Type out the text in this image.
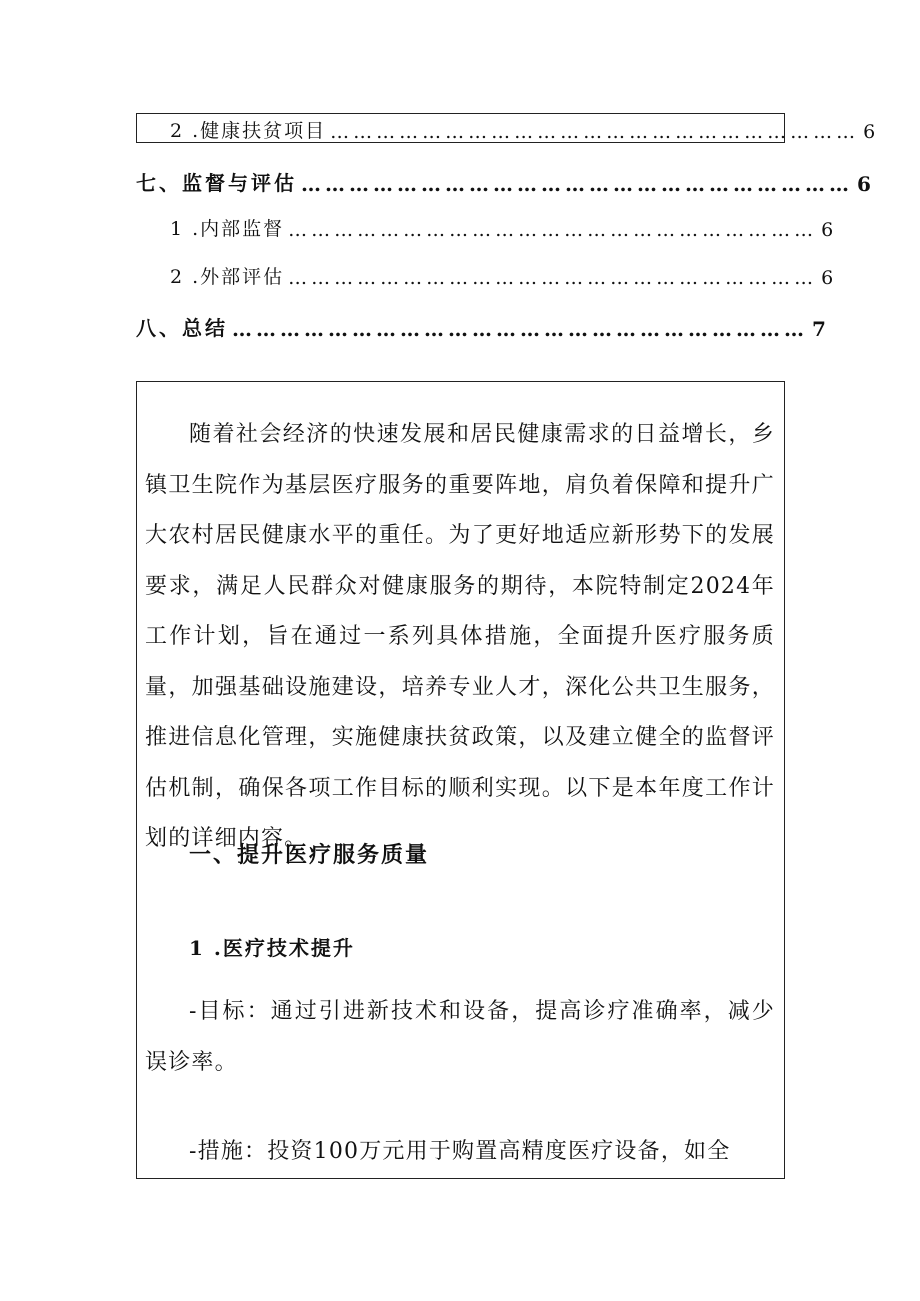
2 .健康扶贫项目 …………………………………………………………… 6
七、监督与评估 …………………………………………………………… 6
1 .内部监督 …………………………………………………………… 6
2 .外部评估 …………………………………………………………… 6
八、总结 ……………………………………………………………… 7

随着社会经济的快速发展和居民健康需求的日益增长，乡镇卫生院作为基层医疗服务的重要阵地，肩负着保障和提升广大农村居民健康水平的重任。为了更好地适应新形势下的发展要求，满足人民群众对健康服务的期待，本院特制定2024年工作计划，旨在通过一系列具体措施，全面提升医疗服务质量，加强基础设施建设，培养专业人才，深化公共卫生服务，推进信息化管理，实施健康扶贫政策，以及建立健全的监督评估机制，确保各项工作目标的顺利实现。以下是本年度工作计划的详细内容。

一、提升医疗服务质量
1 .医疗技术提升

-目标：通过引进新技术和设备，提高诊疗准确率，减少误诊率。

-措施：投资100万元用于购置高精度医疗设备，如全
